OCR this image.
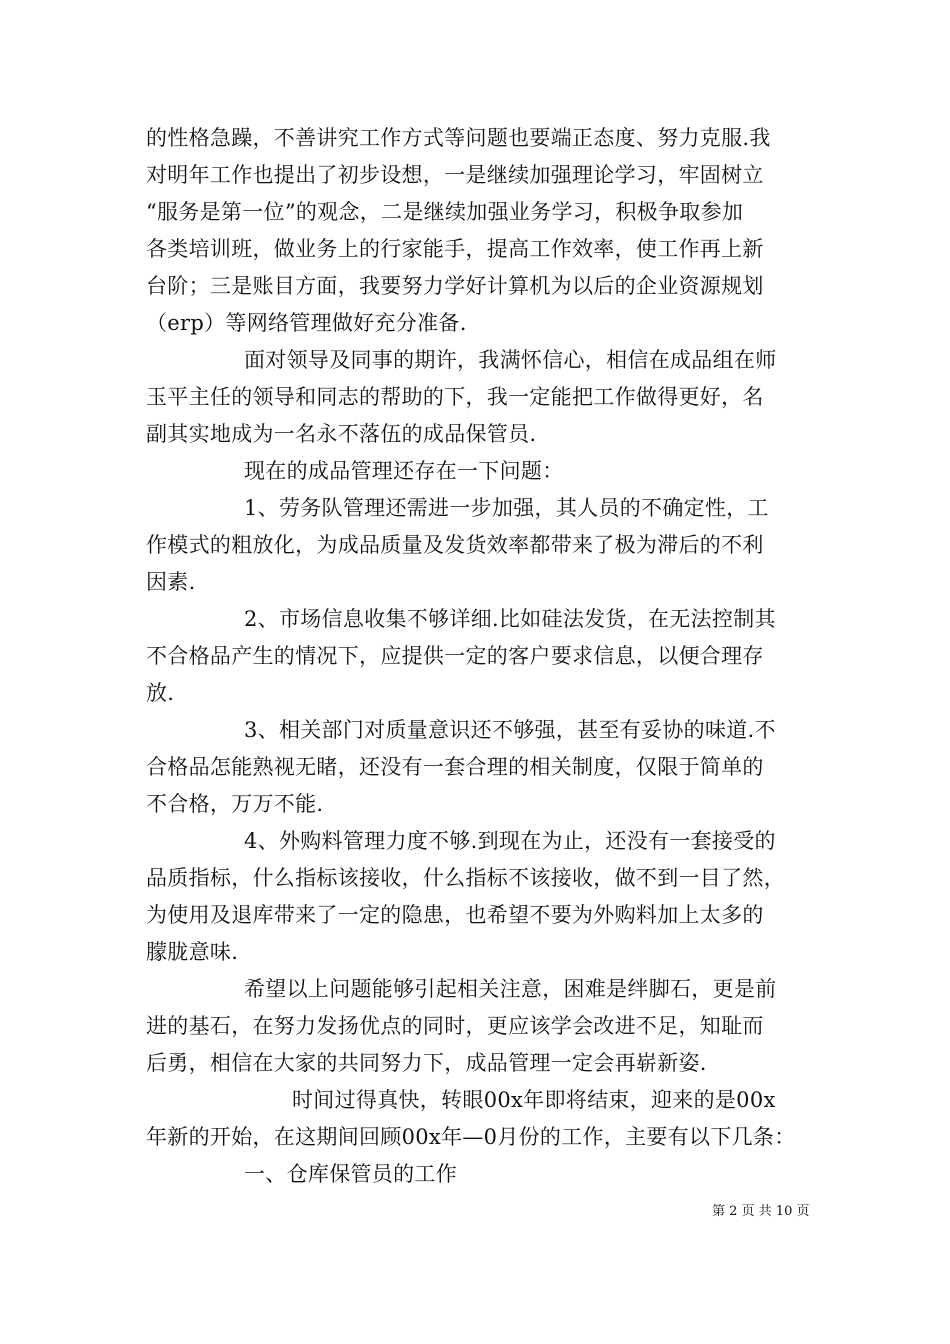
的性格急躁，不善讲究工作方式等问题也要端正态度、努力克服.我
对明年工作也提出了初步设想，一是继续加强理论学习，牢固树立
“服务是第一位”的观念，二是继续加强业务学习，积极争取参加
各类培训班，做业务上的行家能手，提高工作效率，使工作再上新
台阶；三是账目方面，我要努力学好计算机为以后的企业资源规划
（erp）等网络管理做好充分准备.
面对领导及同事的期许，我满怀信心，相信在成品组在师
玉平主任的领导和同志的帮助的下，我一定能把工作做得更好，名
副其实地成为一名永不落伍的成品保管员.
现在的成品管理还存在一下问题：
1、劳务队管理还需进一步加强，其人员的不确定性，工
作模式的粗放化，为成品质量及发货效率都带来了极为滞后的不利
因素.
2、市场信息收集不够详细.比如硅法发货，在无法控制其
不合格品产生的情况下，应提供一定的客户要求信息，以便合理存
放.
3、相关部门对质量意识还不够强，甚至有妥协的味道.不
合格品怎能熟视无睹，还没有一套合理的相关制度，仅限于简单的
不合格，万万不能.
4、外购料管理力度不够.到现在为止，还没有一套接受的
品质指标，什么指标该接收，什么指标不该接收，做不到一目了然，
为使用及退库带来了一定的隐患，也希望不要为外购料加上太多的
朦胧意味.
希望以上问题能够引起相关注意，困难是绊脚石，更是前
进的基石，在努力发扬优点的同时，更应该学会改进不足，知耻而
后勇，相信在大家的共同努力下，成品管理一定会再崭新姿.
时间过得真快，转眼00x年即将结束，迎来的是00x
年新的开始，在这期间回顾00x年—0月份的工作，主要有以下几条：
一、仓库保管员的工作
第 2 页 共 10 页
